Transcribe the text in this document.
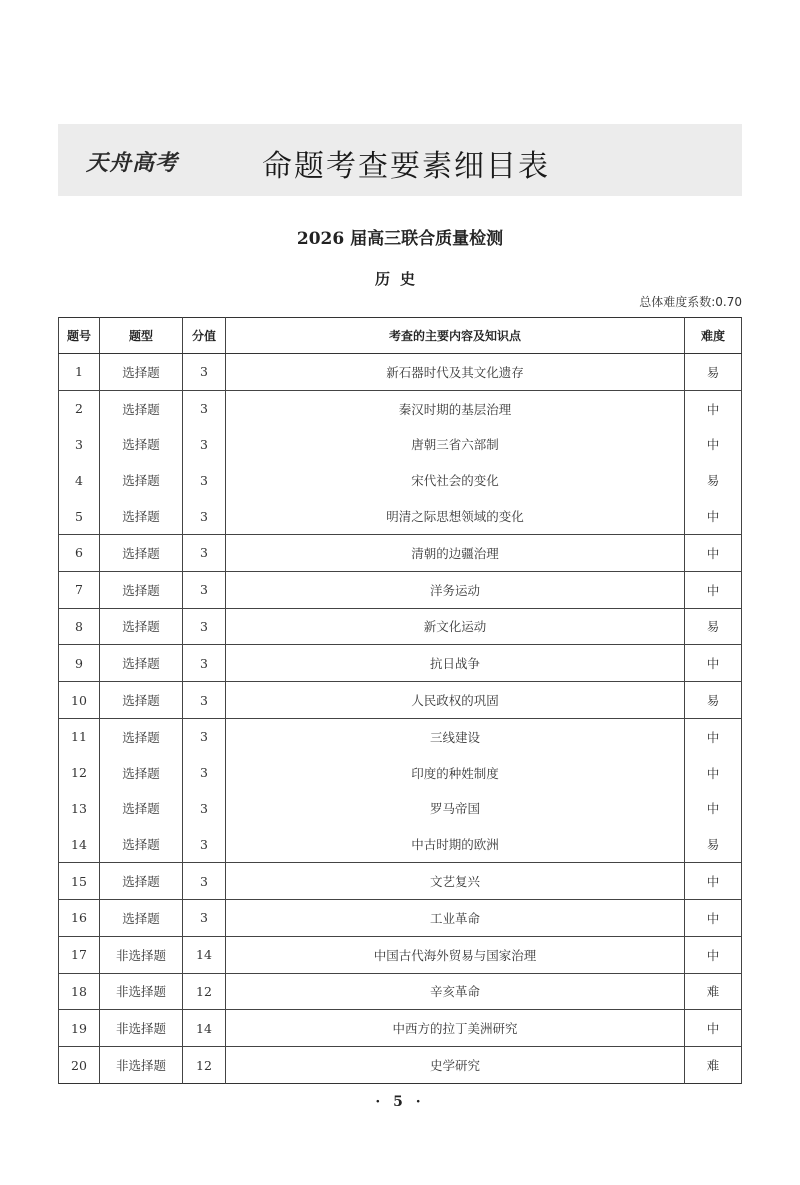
天舟高考	命题考查要素细目表
2026 届高三联合质量检测
历史
总体难度系数:0.70
题号	题型	分值	考查的主要内容及知识点	难度
1	选择题	3	新石器时代及其文化遗存	易
2	选择题	3	秦汉时期的基层治理	中
3	选择题	3	唐朝三省六部制	中
4	选择题	3	宋代社会的变化	易
5	选择题	3	明清之际思想领域的变化	中
6	选择题	3	清朝的边疆治理	中
7	选择题	3	洋务运动	中
8	选择题	3	新文化运动	易
9	选择题	3	抗日战争	中
10	选择题	3	人民政权的巩固	易
11	选择题	3	三线建设	中
12	选择题	3	印度的种姓制度	中
13	选择题	3	罗马帝国	中
14	选择题	3	中古时期的欧洲	易
15	选择题	3	文艺复兴	中
16	选择题	3	工业革命	中
17	非选择题	14	中国古代海外贸易与国家治理	中
18	非选择题	12	辛亥革命	难
19	非选择题	14	中西方的拉丁美洲研究	中
20	非选择题	12	史学研究	难
· 5 ·
